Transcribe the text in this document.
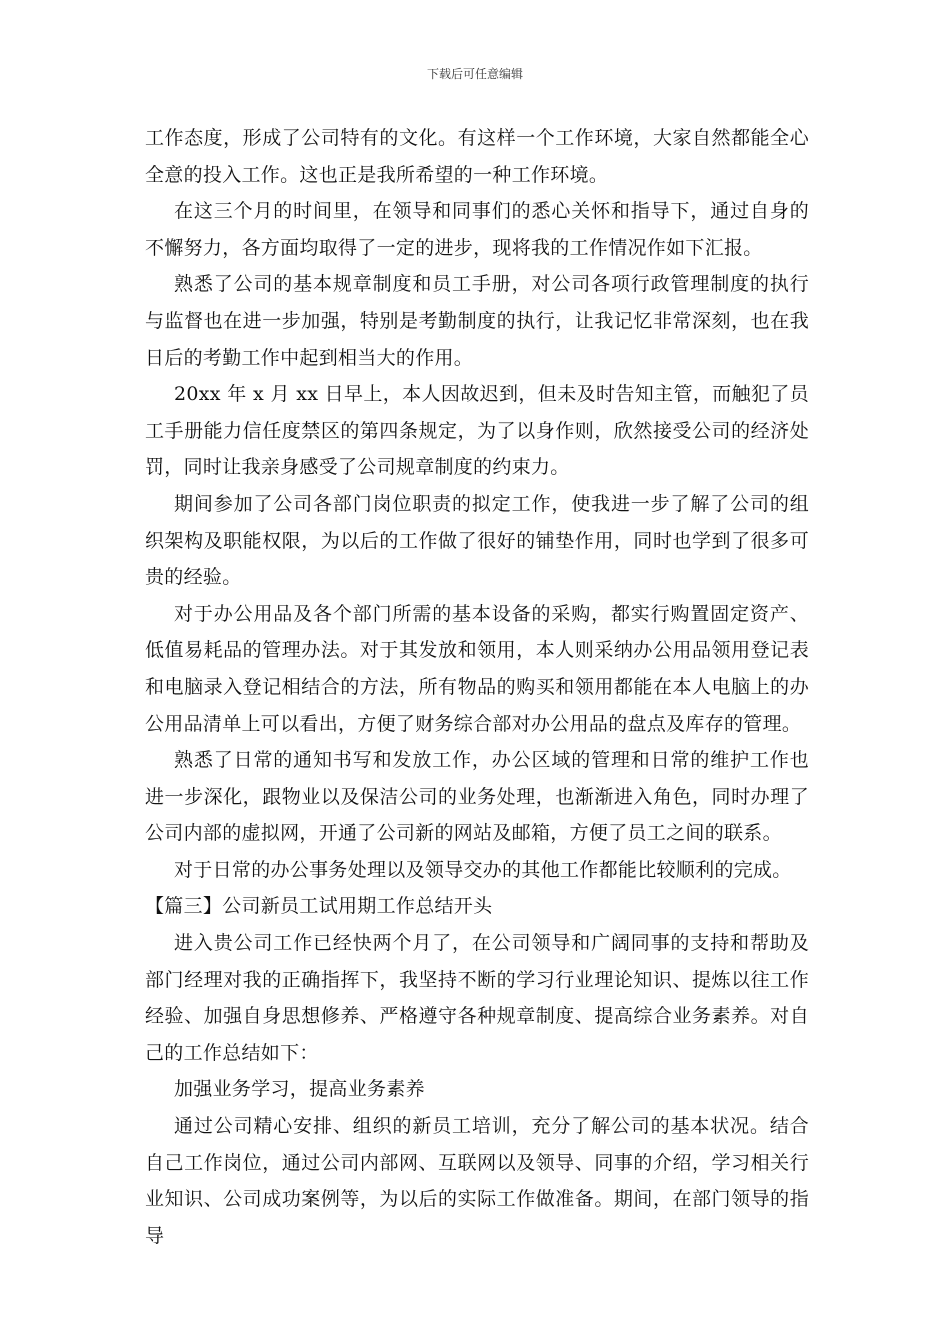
下载后可任意编辑

工作态度，形成了公司特有的文化。有这样一个工作环境，大家自然都能全心全意的投入工作。这也正是我所希望的一种工作环境。

在这三个月的时间里，在领导和同事们的悉心关怀和指导下，通过自身的不懈努力，各方面均取得了一定的进步，现将我的工作情况作如下汇报。

熟悉了公司的基本规章制度和员工手册，对公司各项行政管理制度的执行与监督也在进一步加强，特别是考勤制度的执行，让我记忆非常深刻，也在我日后的考勤工作中起到相当大的作用。

20xx 年 x 月 xx 日早上，本人因故迟到，但未及时告知主管，而触犯了员工手册能力信任度禁区的第四条规定，为了以身作则，欣然接受公司的经济处罚，同时让我亲身感受了公司规章制度的约束力。

期间参加了公司各部门岗位职责的拟定工作，使我进一步了解了公司的组织架构及职能权限，为以后的工作做了很好的铺垫作用，同时也学到了很多可贵的经验。

对于办公用品及各个部门所需的基本设备的采购，都实行购置固定资产、低值易耗品的管理办法。对于其发放和领用，本人则采纳办公用品领用登记表和电脑录入登记相结合的方法，所有物品的购买和领用都能在本人电脑上的办公用品清单上可以看出，方便了财务综合部对办公用品的盘点及库存的管理。

熟悉了日常的通知书写和发放工作，办公区域的管理和日常的维护工作也进一步深化，跟物业以及保洁公司的业务处理，也渐渐进入角色，同时办理了公司内部的虚拟网，开通了公司新的网站及邮箱，方便了员工之间的联系。

对于日常的办公事务处理以及领导交办的其他工作都能比较顺利的完成。

【篇三】公司新员工试用期工作总结开头

进入贵公司工作已经快两个月了，在公司领导和广阔同事的支持和帮助及部门经理对我的正确指挥下，我坚持不断的学习行业理论知识、提炼以往工作经验、加强自身思想修养、严格遵守各种规章制度、提高综合业务素养。对自己的工作总结如下：

加强业务学习，提高业务素养

通过公司精心安排、组织的新员工培训，充分了解公司的基本状况。结合自己工作岗位，通过公司内部网、互联网以及领导、同事的介绍，学习相关行业知识、公司成功案例等，为以后的实际工作做准备。期间，在部门领导的指导
